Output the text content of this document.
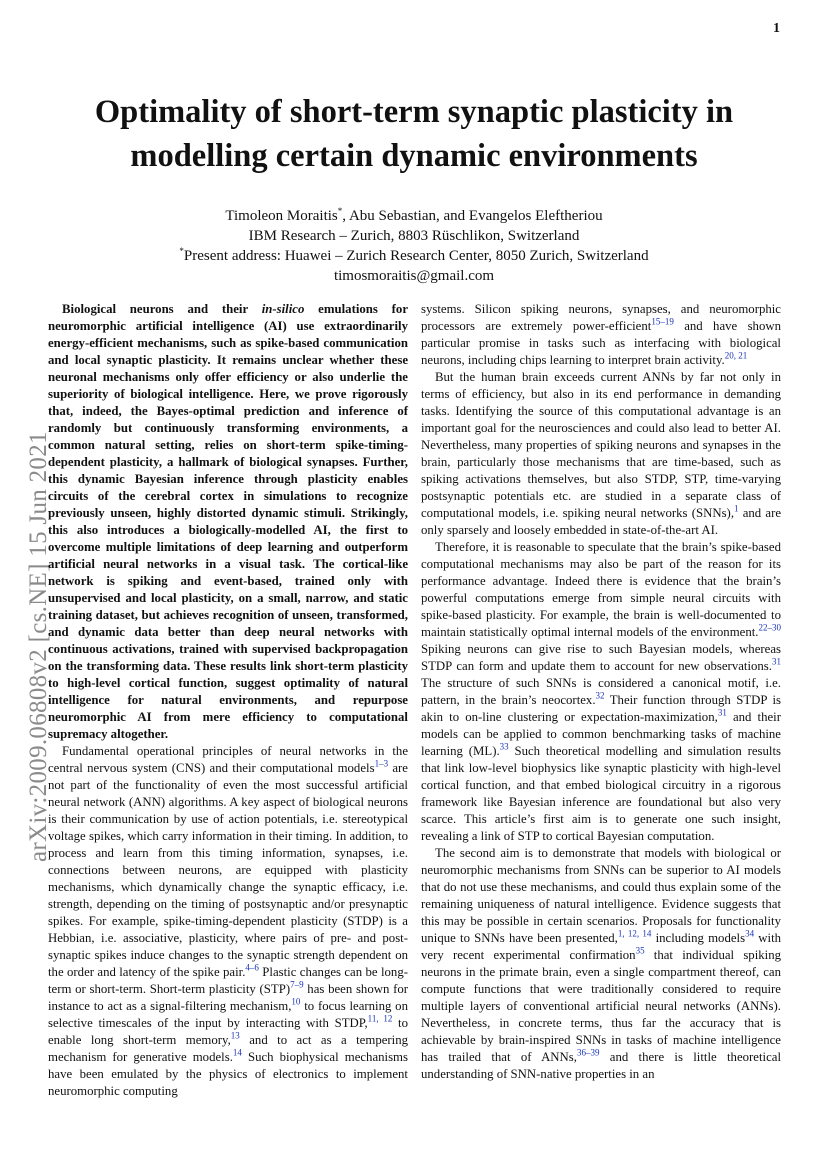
1
arXiv:2009.06808v2 [cs.NE] 15 Jun 2021
Optimality of short-term synaptic plasticity in
modelling certain dynamic environments
Timoleon Moraitis*, Abu Sebastian, and Evangelos Eleftheriou
IBM Research – Zurich, 8803 Rüschlikon, Switzerland
*Present address: Huawei – Zurich Research Center, 8050 Zurich, Switzerland
timosmoraitis@gmail.com

Biological neurons and their in-silico emulations for neuromorphic artificial intelligence (AI) use extraordinarily energy-efficient mechanisms, such as spike-based communication and local synaptic plasticity. It remains unclear whether these neuronal mechanisms only offer efficiency or also underlie the superiority of biological intelligence. Here, we prove rigorously that, indeed, the Bayes-optimal prediction and inference of randomly but continuously transforming environments, a common natural setting, relies on short-term spike-timing-dependent plasticity, a hallmark of biological synapses. Further, this dynamic Bayesian inference through plasticity enables circuits of the cerebral cortex in simulations to recognize previously unseen, highly distorted dynamic stimuli. Strikingly, this also introduces a biologically-modelled AI, the first to overcome multiple limitations of deep learning and outperform artificial neural networks in a visual task. The cortical-like network is spiking and event-based, trained only with unsupervised and local plasticity, on a small, narrow, and static training dataset, but achieves recognition of unseen, transformed, and dynamic data better than deep neural networks with continuous activations, trained with supervised backpropagation on the transforming data. These results link short-term plasticity to high-level cortical function, suggest optimality of natural intelligence for natural environments, and repurpose neuromorphic AI from mere efficiency to computational supremacy altogether.

Fundamental operational principles of neural networks in the central nervous system (CNS) and their computational models$^{1-3}$ are not part of the functionality of even the most successful artificial neural network (ANN) algorithms. A key aspect of biological neurons is their communication by use of action potentials, i.e. stereotypical voltage spikes, which carry information in their timing. In addition, to process and learn from this timing information, synapses, i.e. connections between neurons, are equipped with plasticity mechanisms, which dynamically change the synaptic efficacy, i.e. strength, depending on the timing of postsynaptic and/or presynaptic spikes. For example, spike-timing-dependent plasticity (STDP) is a Hebbian, i.e. associative, plasticity, where pairs of pre- and post-synaptic spikes induce changes to the synaptic strength dependent on the order and latency of the spike pair.$^{4-6}$ Plastic changes can be long-term or short-term. Short-term plasticity (STP)$^{7-9}$ has been shown for instance to act as a signal-filtering mechanism,$^{10}$ to focus learning on selective timescales of the input by interacting with STDP,$^{11, 12}$ to enable long short-term memory,$^{13}$ and to act as a tempering mechanism for generative models.$^{14}$ Such biophysical mechanisms have been emulated by the physics of electronics to implement neuromorphic computing

systems. Silicon spiking neurons, synapses, and neuromorphic processors are extremely power-efficient$^{15-19}$ and have shown particular promise in tasks such as interfacing with biological neurons, including chips learning to interpret brain activity.$^{20, 21}$

But the human brain exceeds current ANNs by far not only in terms of efficiency, but also in its end performance in demanding tasks. Identifying the source of this computational advantage is an important goal for the neurosciences and could also lead to better AI. Nevertheless, many properties of spiking neurons and synapses in the brain, particularly those mechanisms that are time-based, such as spiking activations themselves, but also STDP, STP, time-varying postsynaptic potentials etc. are studied in a separate class of computational models, i.e. spiking neural networks (SNNs),$^1$ and are only sparsely and loosely embedded in state-of-the-art AI.

Therefore, it is reasonable to speculate that the brain’s spike-based computational mechanisms may also be part of the reason for its performance advantage. Indeed there is evidence that the brain’s powerful computations emerge from simple neural circuits with spike-based plasticity. For example, the brain is well-documented to maintain statistically optimal internal models of the environment.$^{22-30}$ Spiking neurons can give rise to such Bayesian models, whereas STDP can form and update them to account for new observations.$^{31}$ The structure of such SNNs is considered a canonical motif, i.e. pattern, in the brain’s neocortex.$^{32}$ Their function through STDP is akin to on-line clustering or expectation-maximization,$^{31}$ and their models can be applied to common benchmarking tasks of machine learning (ML).$^{33}$ Such theoretical modelling and simulation results that link low-level biophysics like synaptic plasticity with high-level cortical function, and that embed biological circuitry in a rigorous framework like Bayesian inference are foundational but also very scarce. This article’s first aim is to generate one such insight, revealing a link of STP to cortical Bayesian computation.

The second aim is to demonstrate that models with biological or neuromorphic mechanisms from SNNs can be superior to AI models that do not use these mechanisms, and could thus explain some of the remaining uniqueness of natural intelligence. Evidence suggests that this may be possible in certain scenarios. Proposals for functionality unique to SNNs have been presented,$^{1, 12, 14}$ including models$^{34}$ with very recent experimental confirmation$^{35}$ that individual spiking neurons in the primate brain, even a single compartment thereof, can compute functions that were traditionally considered to require multiple layers of conventional artificial neural networks (ANNs). Nevertheless, in concrete terms, thus far the accuracy that is achievable by brain-inspired SNNs in tasks of machine intelligence has trailed that of ANNs,$^{36-39}$ and there is little theoretical understanding of SNN-native properties in an
